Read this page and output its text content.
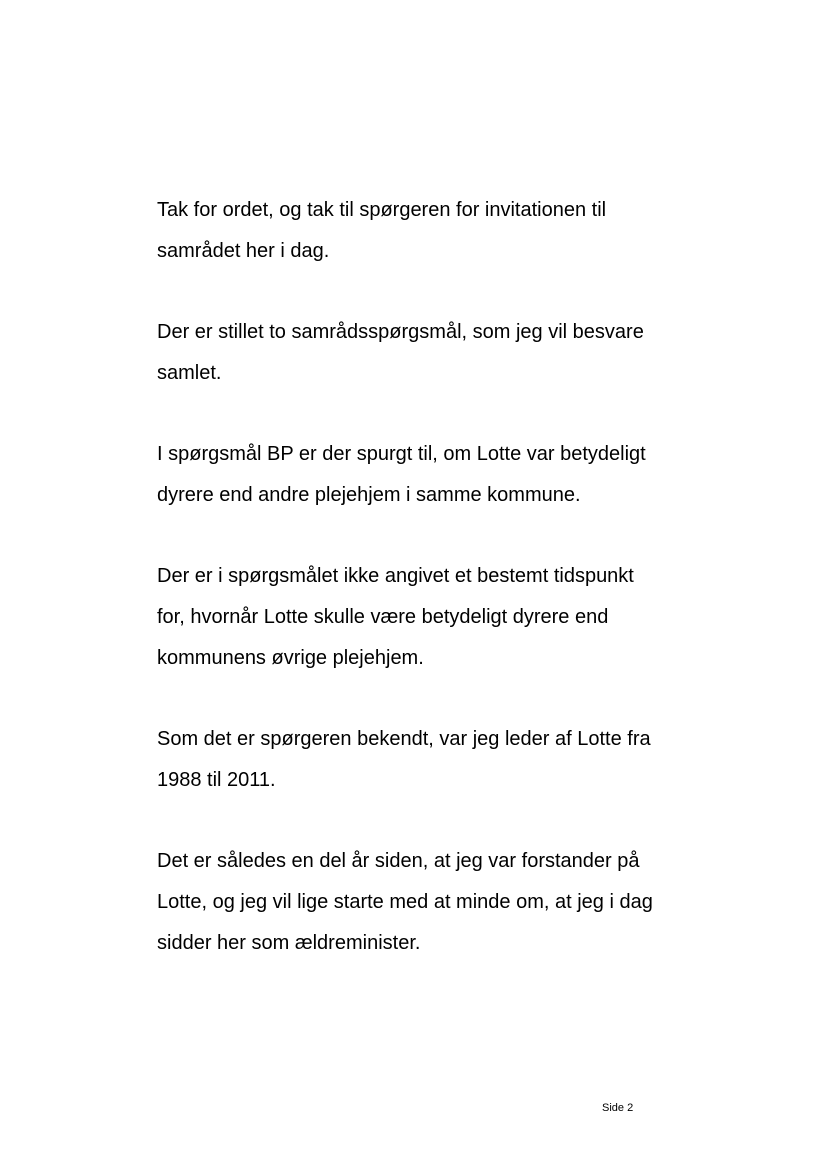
Tak for ordet, og tak til spørgeren for invitationen til
samrådet her i dag.

Der er stillet to samrådsspørgsmål, som jeg vil besvare
samlet.

I spørgsmål BP er der spurgt til, om Lotte var betydeligt
dyrere end andre plejehjem i samme kommune.

Der er i spørgsmålet ikke angivet et bestemt tidspunkt
for, hvornår Lotte skulle være betydeligt dyrere end
kommunens øvrige plejehjem.

Som det er spørgeren bekendt, var jeg leder af Lotte fra
1988 til 2011.

Det er således en del år siden, at jeg var forstander på
Lotte, og jeg vil lige starte med at minde om, at jeg i dag
sidder her som ældreminister.

Side 2
